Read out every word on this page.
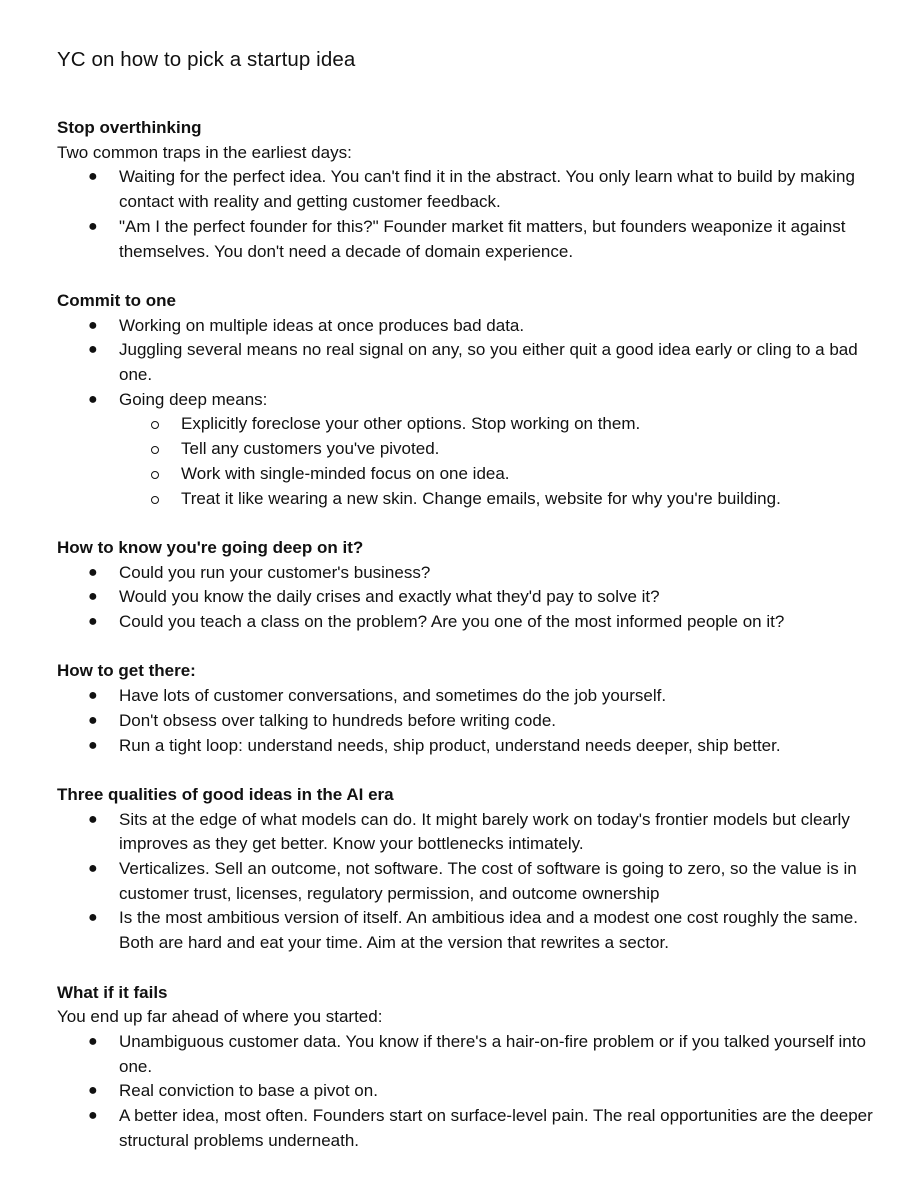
YC on how to pick a startup idea

Stop overthinking

Two common traps in the earliest days:

● Waiting for the perfect idea. You can't find it in the abstract. You only learn what to build by making contact with reality and getting customer feedback.
● "Am I the perfect founder for this?" Founder market fit matters, but founders weaponize it against themselves. You don't need a decade of domain experience.

Commit to one

● Working on multiple ideas at once produces bad data.
● Juggling several means no real signal on any, so you either quit a good idea early or cling to a bad one.
● Going deep means:
Explicitly foreclose your other options. Stop working on them.
Tell any customers you've pivoted.
Work with single-minded focus on one idea.
Treat it like wearing a new skin. Change emails, website for why you're building.

How to know you're going deep on it?

● Could you run your customer's business?
● Would you know the daily crises and exactly what they'd pay to solve it?
● Could you teach a class on the problem? Are you one of the most informed people on it?

How to get there:

● Have lots of customer conversations, and sometimes do the job yourself.
● Don't obsess over talking to hundreds before writing code.
● Run a tight loop: understand needs, ship product, understand needs deeper, ship better.

Three qualities of good ideas in the AI era

● Sits at the edge of what models can do. It might barely work on today's frontier models but clearly improves as they get better. Know your bottlenecks intimately.
● Verticalizes. Sell an outcome, not software. The cost of software is going to zero, so the value is in customer trust, licenses, regulatory permission, and outcome ownership
● Is the most ambitious version of itself. An ambitious idea and a modest one cost roughly the same. Both are hard and eat your time. Aim at the version that rewrites a sector.

What if it fails

You end up far ahead of where you started:

● Unambiguous customer data. You know if there's a hair-on-fire problem or if you talked yourself into one.
● Real conviction to base a pivot on.
● A better idea, most often. Founders start on surface-level pain. The real opportunities are the deeper structural problems underneath.
